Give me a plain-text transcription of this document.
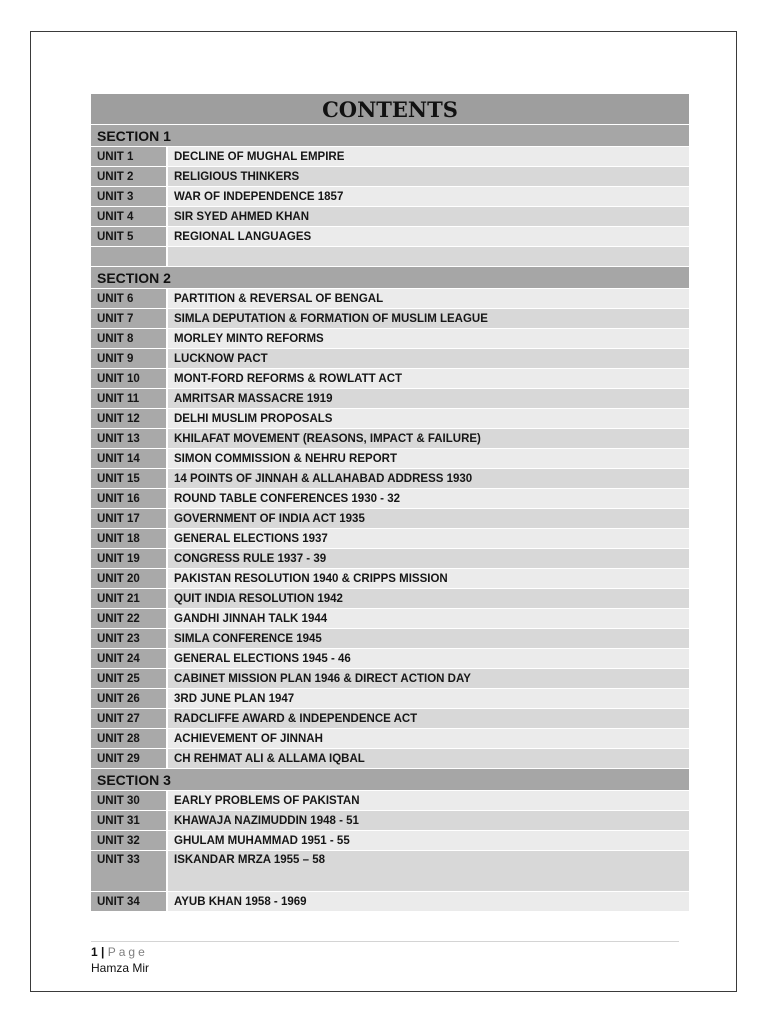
CONTENTS	
SECTION 1	
UNIT 1	DECLINE OF MUGHAL EMPIRE
UNIT 2	RELIGIOUS THINKERS
UNIT 3	WAR OF INDEPENDENCE 1857
UNIT 4	SIR SYED AHMED KHAN
UNIT 5	REGIONAL LANGUAGES

SECTION 2	
UNIT 6	PARTITION & REVERSAL OF BENGAL
UNIT 7	SIMLA DEPUTATION & FORMATION OF MUSLIM LEAGUE
UNIT 8	MORLEY MINTO REFORMS
UNIT 9	LUCKNOW PACT
UNIT 10	MONT-FORD REFORMS & ROWLATT ACT
UNIT 11	AMRITSAR MASSACRE 1919
UNIT 12	DELHI MUSLIM PROPOSALS
UNIT 13	KHILAFAT MOVEMENT (REASONS, IMPACT & FAILURE)
UNIT 14	SIMON COMMISSION & NEHRU REPORT
UNIT 15	14 POINTS OF JINNAH & ALLAHABAD ADDRESS 1930
UNIT 16	ROUND TABLE CONFERENCES 1930 - 32
UNIT 17	GOVERNMENT OF INDIA ACT 1935
UNIT 18	GENERAL ELECTIONS 1937
UNIT 19	CONGRESS RULE 1937 - 39
UNIT 20	PAKISTAN RESOLUTION 1940 & CRIPPS MISSION
UNIT 21	QUIT INDIA RESOLUTION 1942
UNIT 22	GANDHI JINNAH TALK 1944
UNIT 23	SIMLA CONFERENCE 1945
UNIT 24	GENERAL ELECTIONS 1945 - 46
UNIT 25	CABINET MISSION PLAN 1946 & DIRECT ACTION DAY
UNIT 26	3RD JUNE PLAN 1947
UNIT 27	RADCLIFFE AWARD & INDEPENDENCE ACT
UNIT 28	ACHIEVEMENT OF JINNAH
UNIT 29	CH REHMAT ALI & ALLAMA IQBAL
SECTION 3	
UNIT 30	EARLY PROBLEMS OF PAKISTAN
UNIT 31	KHAWAJA NAZIMUDDIN 1948 - 51
UNIT 32	GHULAM MUHAMMAD 1951 - 55
UNIT 33	ISKANDAR MRZA 1955 – 58
UNIT 34	AYUB KHAN 1958 - 1969
1 | Page
Hamza Mir
